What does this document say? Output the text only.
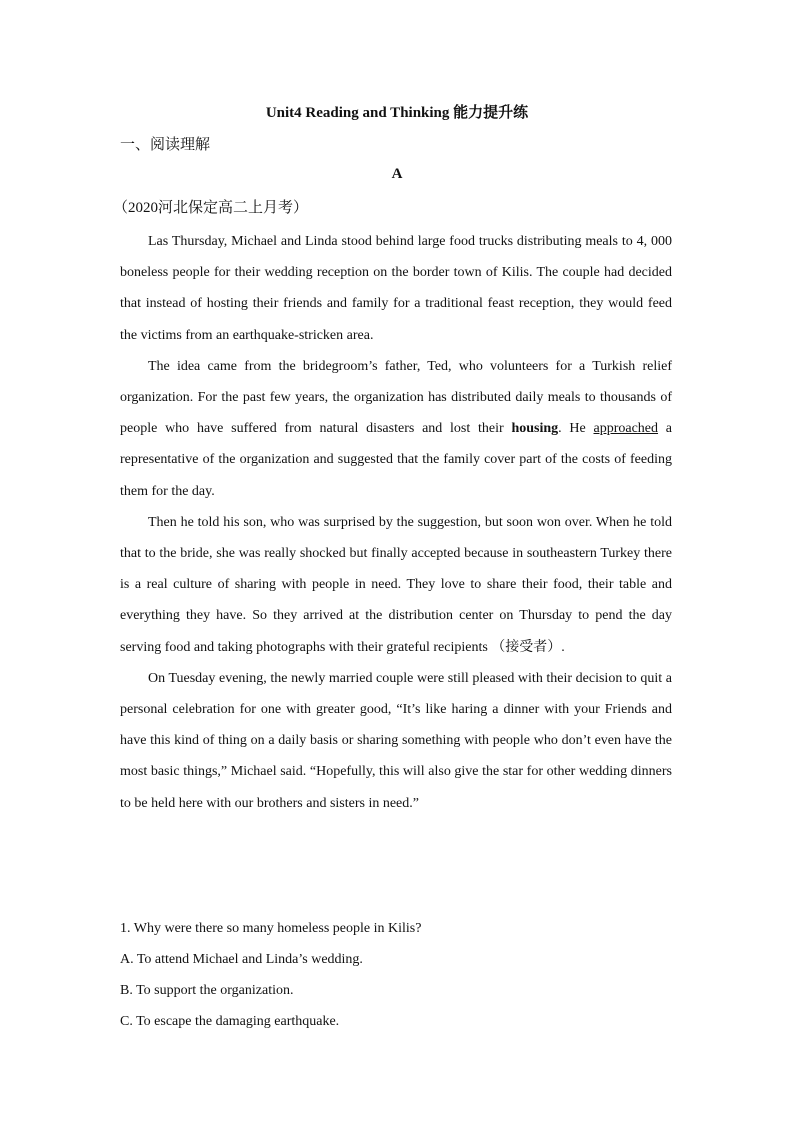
Unit4 Reading and Thinking 能力提升练
一、阅读理解
A
（2020河北保定高二上月考）

Las Thursday, Michael and Linda stood behind large food trucks distributing meals to 4, 000 boneless people for their wedding reception on the border town of Kilis. The couple had decided that instead of hosting their friends and family for a traditional feast reception, they would feed the victims from an earthquake-stricken area.

The idea came from the bridegroom’s father, Ted, who volunteers for a Turkish relief organization. For the past few years, the organization has distributed daily meals to thousands of people who have suffered from natural disasters and lost their housing. He approached a representative of the organization and suggested that the family cover part of the costs of feeding them for the day.

Then he told his son, who was surprised by the suggestion, but soon won over. When he told that to the bride, she was really shocked but finally accepted because in southeastern Turkey there is a real culture of sharing with people in need. They love to share their food, their table and everything they have. So they arrived at the distribution center on Thursday to pend the day serving food and taking photographs with their grateful recipients （接受者）.

On Tuesday evening, the newly married couple were still pleased with their decision to quit a personal celebration for one with greater good, “It’s like haring a dinner with your Friends and have this kind of thing on a daily basis or sharing something with people who don’t even have the most basic things,” Michael said. “Hopefully, this will also give the star for other wedding dinners to be held here with our brothers and sisters in need.”

1. Why were there so many homeless people in Kilis?
A. To attend Michael and Linda’s wedding.
B. To support the organization.
C. To escape the damaging earthquake.
